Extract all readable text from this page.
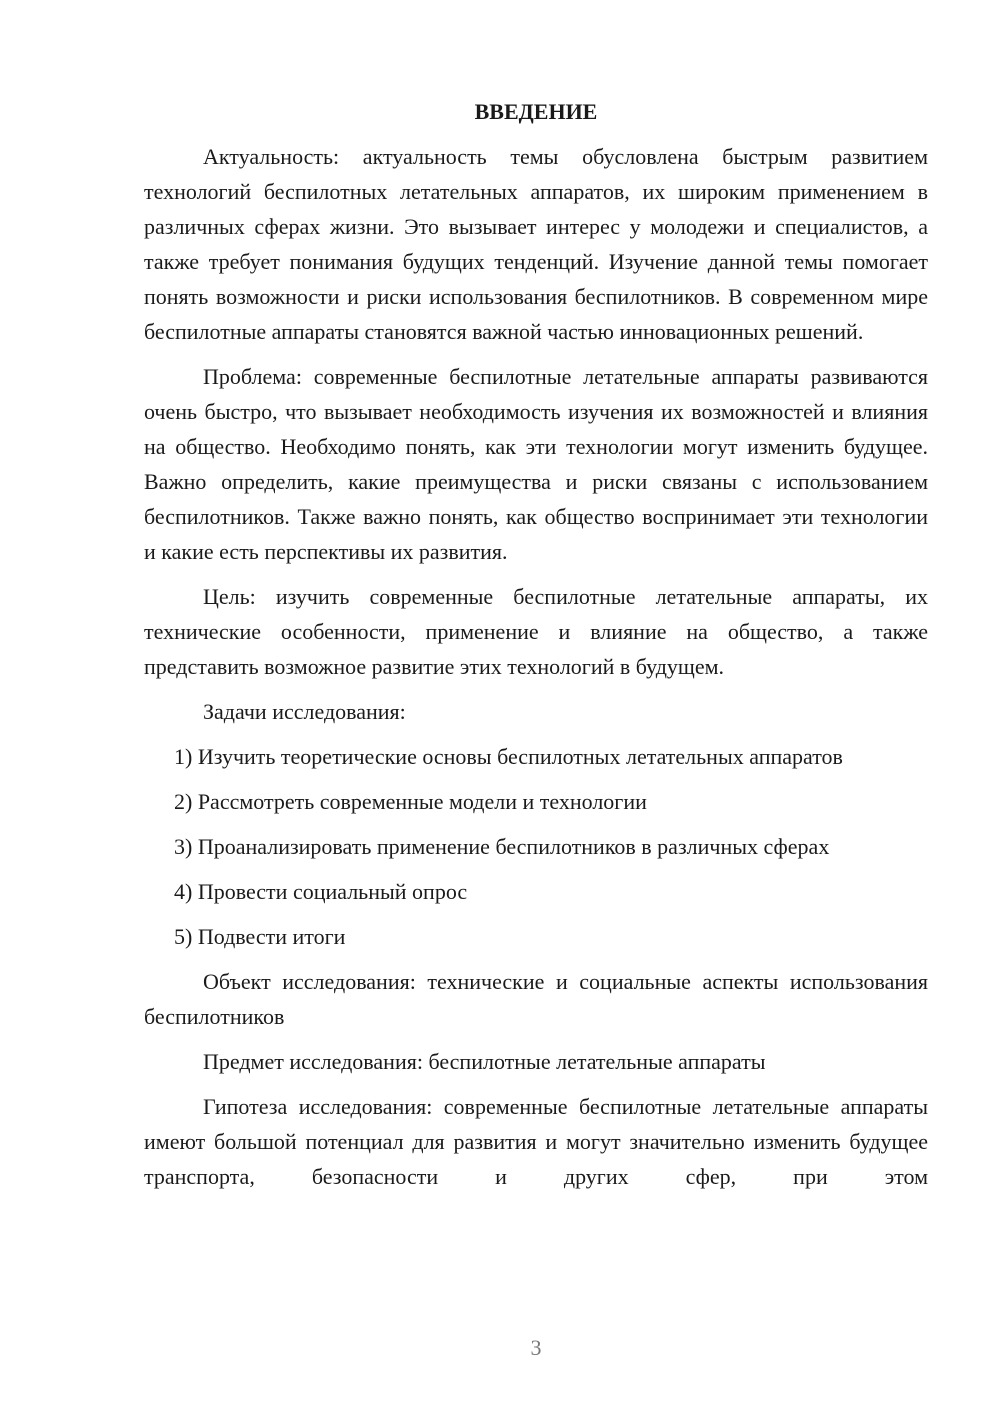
ВВЕДЕНИЕ

Актуальность: актуальность темы обусловлена быстрым развитием технологий беспилотных летательных аппаратов, их широким применением в различных сферах жизни. Это вызывает интерес у молодежи и специалистов, а также требует понимания будущих тенденций. Изучение данной темы помогает понять возможности и риски использования беспилотников. В современном мире беспилотные аппараты становятся важной частью инновационных решений.

Проблема: современные беспилотные летательные аппараты развиваются очень быстро, что вызывает необходимость изучения их возможностей и влияния на общество. Необходимо понять, как эти технологии могут изменить будущее. Важно определить, какие преимущества и риски связаны с использованием беспилотников. Также важно понять, как общество воспринимает эти технологии и какие есть перспективы их развития.

Цель: изучить современные беспилотные летательные аппараты, их технические особенности, применение и влияние на общество, а также представить возможное развитие этих технологий в будущем.

Задачи исследования:

1) Изучить теоретические основы беспилотных летательных аппаратов

2) Рассмотреть современные модели и технологии

3) Проанализировать применение беспилотников в различных сферах

4) Провести социальный опрос

5) Подвести итоги

Объект исследования: технические и социальные аспекты использования беспилотников

Предмет исследования: беспилотные летательные аппараты

Гипотеза исследования: современные беспилотные летательные аппараты имеют большой потенциал для развития и могут значительно изменить будущее транспорта, безопасности и других сфер, при этом

3
